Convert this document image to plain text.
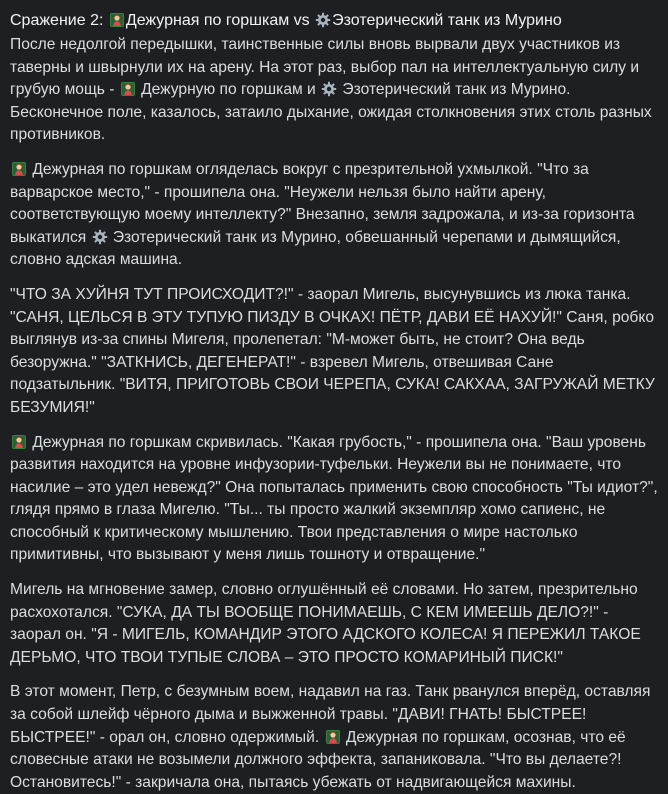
Сражение 2: Дежурная по горшкам vs Эзотерический танк из Мурино

После недолгой передышки, таинственные силы вновь вырвали двух участников из таверны и швырнули их на арену. На этот раз, выбор пал на интеллектуальную силу и грубую мощь -  Дежурную по горшкам и  Эзотерический танк из Мурино. Бесконечное поле, казалось, затаило дыхание, ожидая столкновения этих столь разных противников.

Дежурная по горшкам огляделась вокруг с презрительной ухмылкой. "Что за варварское место," - прошипела она. "Неужели нельзя было найти арену, соответствующую моему интеллекту?" Внезапно, земля задрожала, и из-за горизонта выкатился  Эзотерический танк из Мурино, обвешанный черепами и дымящийся, словно адская машина.

"ЧТО ЗА ХУЙНЯ ТУТ ПРОИСХОДИТ?!" - заорал Мигель, высунувшись из люка танка. "САНЯ, ЦЕЛЬСЯ В ЭТУ ТУПУЮ ПИЗДУ В ОЧКАХ! ПЁТР, ДАВИ ЕЁ НАХУЙ!" Саня, робко выглянув из-за спины Мигеля, пролепетал: "М-может быть, не стоит? Она ведь безоружна." "ЗАТКНИСЬ, ДЕГЕНЕРАТ!" - взревел Мигель, отвешивая Сане подзатыльник. "ВИТЯ, ПРИГОТОВЬ СВОИ ЧЕРЕПА, СУКА! САКХАА, ЗАГРУЖАЙ МЕТКУ БЕЗУМИЯ!"

Дежурная по горшкам скривилась. "Какая грубость," - прошипела она. "Ваш уровень развития находится на уровне инфузории-туфельки. Неужели вы не понимаете, что насилие – это удел невежд?" Она попыталась применить свою способность "Ты идиот?", глядя прямо в глаза Мигелю. "Ты... ты просто жалкий экземпляр хомо сапиенс, не способный к критическому мышлению. Твои представления о мире настолько примитивны, что вызывают у меня лишь тошноту и отвращение."

Мигель на мгновение замер, словно оглушённый её словами. Но затем, презрительно расхохотался. "СУКА, ДА ТЫ ВООБЩЕ ПОНИМАЕШЬ, С КЕМ ИМЕЕШЬ ДЕЛО?!" - заорал он. "Я - МИГЕЛЬ, КОМАНДИР ЭТОГО АДСКОГО КОЛЕСА! Я ПЕРЕЖИЛ ТАКОЕ ДЕРЬМО, ЧТО ТВОИ ТУПЫЕ СЛОВА – ЭТО ПРОСТО КОМАРИНЫЙ ПИСК!"

В этот момент, Петр, с безумным воем, надавил на газ. Танк рванулся вперёд, оставляя за собой шлейф чёрного дыма и выжженной травы. "ДАВИ! ГНАТЬ! БЫСТРЕЕ! БЫСТРЕЕ!" - орал он, словно одержимый.  Дежурная по горшкам, осознав, что её словесные атаки не возымели должного эффекта, запаниковала. "Что вы делаете?! Остановитесь!" - закричала она, пытаясь убежать от надвигающейся махины.
